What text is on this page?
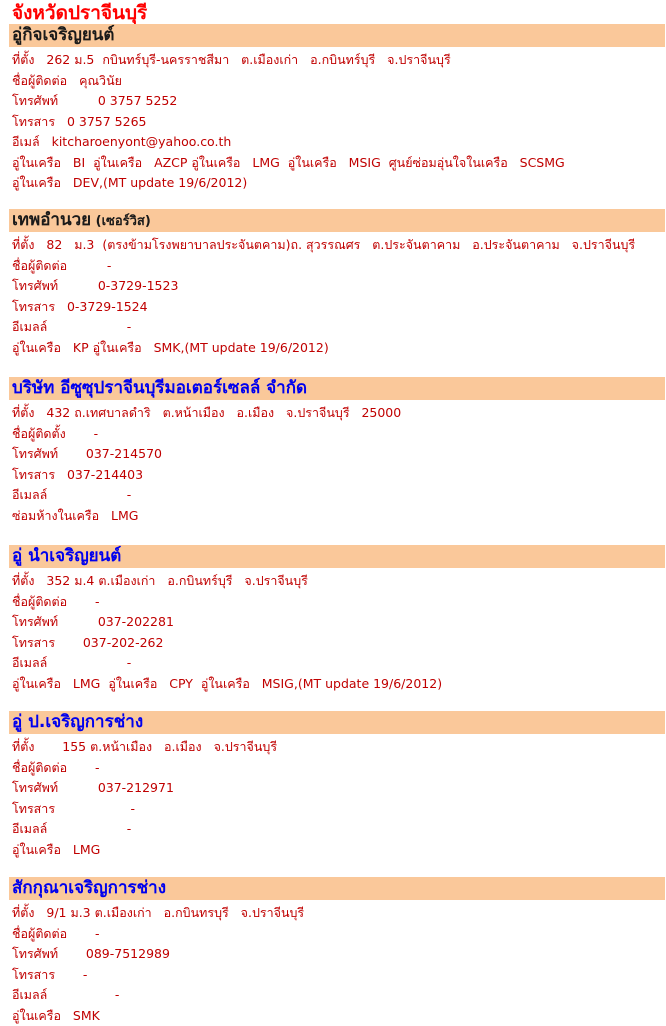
จังหวัดปราจีนบุรี
อู่กิจเจริญยนต์
ที่ตั้ง   262 ม.5  กบินทร์บุรี-นครราชสีมา   ต.เมืองเก่า   อ.กบินทร์บุรี   จ.ปราจีนบุรี
ชื่อผู้ติดต่อ   คุณวินัย
โทรศัพท์          0 3757 5252
โทรสาร   0 3757 5265
อีเมล์   kitcharoenyont@yahoo.co.th
อู่ในเครือ   BI  อู่ในเครือ   AZCP อู่ในเครือ   LMG  อู่ในเครือ   MSIG  ศูนย์ซ่อมอุ่นใจในเครือ   SCSMG
อู่ในเครือ   DEV,(MT update 19/6/2012)
เทพอำนวย (เซอร์วิส)
ที่ตั้ง   82   ม.3  (ตรงข้ามโรงพยาบาลประจันตคาม)ถ. สุวรรณศร   ต.ประจันตาคาม   อ.ประจันตาคาม   จ.ปราจีนบุรี
ชื่อผู้ติดต่อ          -
โทรศัพท์          0-3729-1523
โทรสาร   0-3729-1524
อีเมลล์                    -
อู่ในเครือ   KP อู่ในเครือ   SMK,(MT update 19/6/2012)
บริษัท อีซูซุปราจีนบุรีมอเตอร์เซลล์ จำกัด
ที่ตั้ง   432 ถ.เทศบาลดำริ   ต.หน้าเมือง   อ.เมือง   จ.ปราจีนบุรี   25000
ชื่อผู้ติดตั้ง       -
โทรศัพท์       037-214570
โทรสาร   037-214403
อีเมลล์                    -
ซ่อมห้างในเครือ   LMG
อู่ นำเจริญยนต์
ที่ตั้ง   352 ม.4 ต.เมืองเก่า   อ.กบินทร์บุรี   จ.ปราจีนบุรี
ชื่อผู้ติดต่อ       -
โทรศัพท์          037-202281
โทรสาร       037-202-262
อีเมลล์                    -
อู่ในเครือ   LMG  อู่ในเครือ   CPY  อู่ในเครือ   MSIG,(MT update 19/6/2012)
อู่ ป.เจริญการช่าง
ที่ตั้ง       155 ต.หน้าเมือง   อ.เมือง   จ.ปราจีนบุรี
ชื่อผู้ติดต่อ       -
โทรศัพท์          037-212971
โทรสาร                   -
อีเมลล์                    -
อู่ในเครือ   LMG
สักกุณาเจริญการช่าง
ที่ตั้ง   9/1 ม.3 ต.เมืองเก่า   อ.กบินทรบุรี   จ.ปราจีนบุรี
ชื่อผู้ติดต่อ       -
โทรศัพท์       089-7512989
โทรสาร       -
อีเมลล์                 -
อู่ในเครือ   SMK
